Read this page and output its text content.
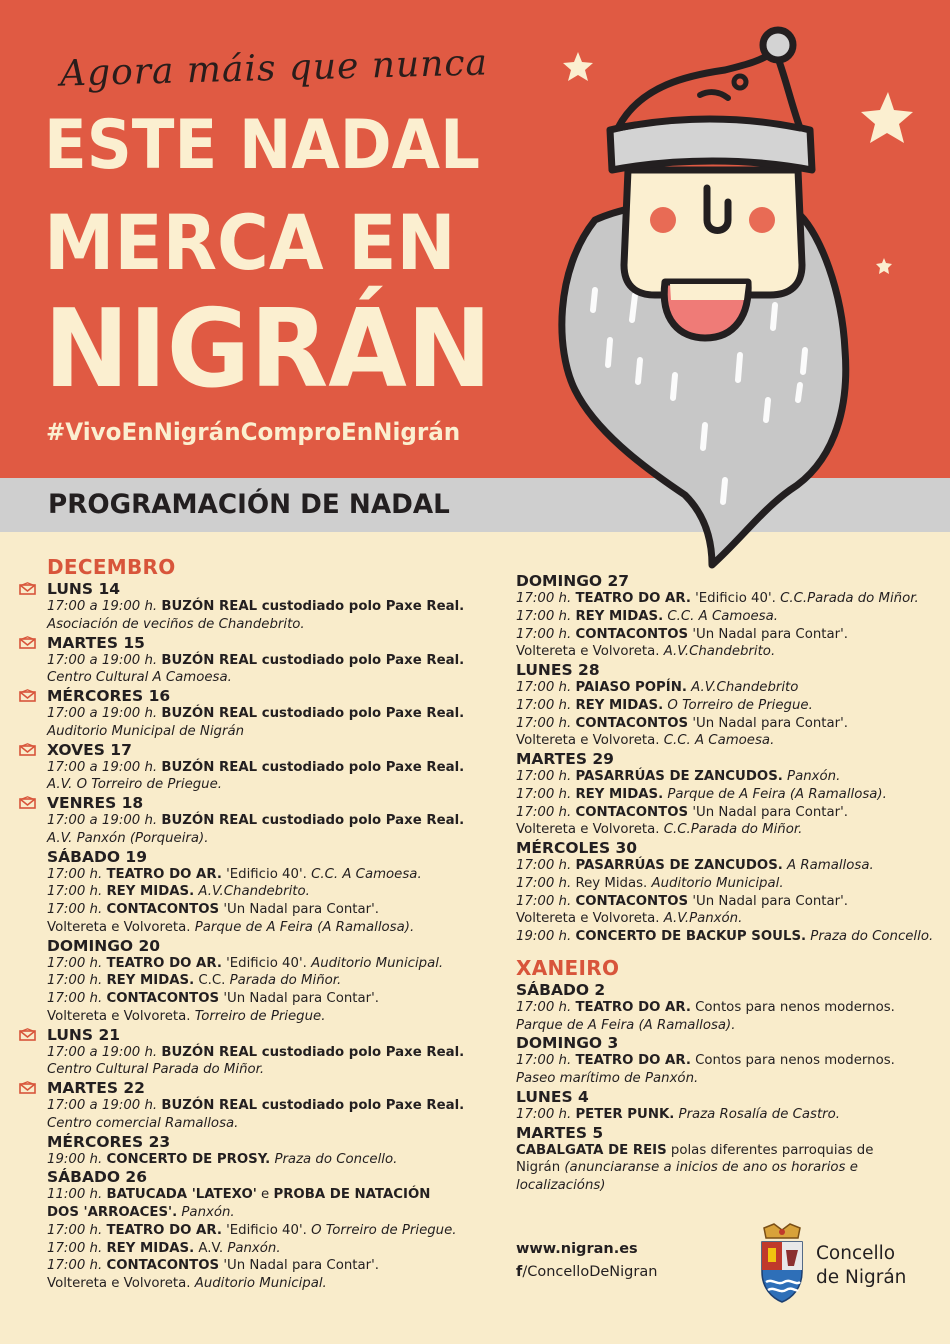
Agora máis que nunca
ESTE NADAL
MERCA EN
NIGRÁN
#VivoEnNigránComproEnNigrán
PROGRAMACIÓN DE NADAL
DECEMBRO
LUNS 14
17:00 a 19:00 h. BUZÓN REAL custodiado polo Paxe Real.
Asociación de veciños de Chandebrito.
MARTES 15
17:00 a 19:00 h. BUZÓN REAL custodiado polo Paxe Real.
Centro Cultural A Camoesa.
MÉRCORES 16
17:00 a 19:00 h. BUZÓN REAL custodiado polo Paxe Real.
Auditorio Municipal de Nigrán
XOVES 17
17:00 a 19:00 h. BUZÓN REAL custodiado polo Paxe Real.
A.V. O Torreiro de Priegue.
VENRES 18
17:00 a 19:00 h. BUZÓN REAL custodiado polo Paxe Real.
A.V. Panxón (Porqueira).
SÁBADO 19
17:00 h. TEATRO DO AR. 'Edificio 40'. C.C. A Camoesa.
17:00 h. REY MIDAS. A.V.Chandebrito.
17:00 h. CONTACONTOS 'Un Nadal para Contar'.
Voltereta e Volvoreta. Parque de A Feira (A Ramallosa).
DOMINGO 20
17:00 h. TEATRO DO AR. 'Edificio 40'. Auditorio Municipal.
17:00 h. REY MIDAS. C.C. Parada do Miñor.
17:00 h. CONTACONTOS 'Un Nadal para Contar'.
Voltereta e Volvoreta. Torreiro de Priegue.
LUNS 21
17:00 a 19:00 h. BUZÓN REAL custodiado polo Paxe Real.
Centro Cultural Parada do Miñor.
MARTES 22
17:00 a 19:00 h. BUZÓN REAL custodiado polo Paxe Real.
Centro comercial Ramallosa.
MÉRCORES 23
19:00 h. CONCERTO DE PROSY. Praza do Concello.
SÁBADO 26
11:00 h. BATUCADA 'LATEXO' e PROBA DE NATACIÓN
DOS 'ARROACES'. Panxón.
17:00 h. TEATRO DO AR. 'Edificio 40'. O Torreiro de Priegue.
17:00 h. REY MIDAS. A.V. Panxón.
17:00 h. CONTACONTOS 'Un Nadal para Contar'.
Voltereta e Volvoreta. Auditorio Municipal.
DOMINGO 27
17:00 h. TEATRO DO AR. 'Edificio 40'. C.C.Parada do Miñor.
17:00 h. REY MIDAS. C.C. A Camoesa.
17:00 h. CONTACONTOS 'Un Nadal para Contar'.
Voltereta e Volvoreta. A.V.Chandebrito.
LUNES 28
17:00 h. PAIASO POPÍN. A.V.Chandebrito
17:00 h. REY MIDAS. O Torreiro de Priegue.
17:00 h. CONTACONTOS 'Un Nadal para Contar'.
Voltereta e Volvoreta. C.C. A Camoesa.
MARTES 29
17:00 h. PASARRÚAS DE ZANCUDOS. Panxón.
17:00 h. REY MIDAS. Parque de A Feira (A Ramallosa).
17:00 h. CONTACONTOS 'Un Nadal para Contar'.
Voltereta e Volvoreta. C.C.Parada do Miñor.
MÉRCOLES 30
17:00 h. PASARRÚAS DE ZANCUDOS. A Ramallosa.
17:00 h. Rey Midas. Auditorio Municipal.
17:00 h. CONTACONTOS 'Un Nadal para Contar'.
Voltereta e Volvoreta. A.V.Panxón.
19:00 h. CONCERTO DE BACKUP SOULS. Praza do Concello.
XANEIRO
SÁBADO 2
17:00 h. TEATRO DO AR. Contos para nenos modernos.
Parque de A Feira (A Ramallosa).
DOMINGO 3
17:00 h. TEATRO DO AR. Contos para nenos modernos.
Paseo marítimo de Panxón.
LUNES 4
17:00 h. PETER PUNK. Praza Rosalía de Castro.
MARTES 5
CABALGATA DE REIS polas diferentes parroquias de
Nigrán (anunciaranse a inicios de ano os horarios e
localizacións)
www.nigran.es
f/ConcelloDeNigran
Concello
de Nigrán
